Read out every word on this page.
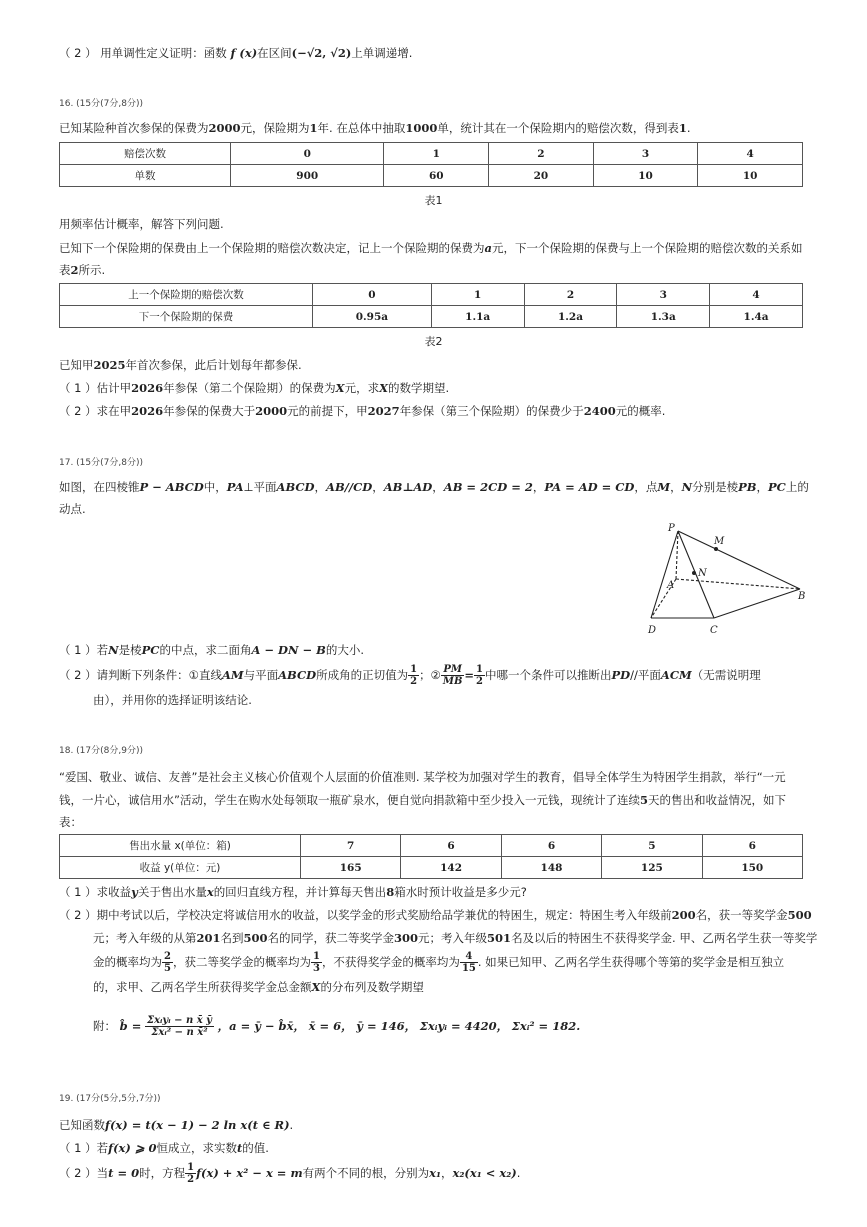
（ 2 ） 用单调性定义证明：函数 f (x)在区间(−√2, √2)上单调递增.
16. (15分(7分,8分))
已知某险种首次参保的保费为2000元，保险期为1年. 在总体中抽取1000单，统计其在一个保险期内的赔偿次数，得到表1.
赔偿次数	0	1	2	3	4
单数	900	60	20	10	10
表1
用频率估计概率，解答下列问题.
已知下一个保险期的保费由上一个保险期的赔偿次数决定，记上一个保险期的保费为a元，下一个保险期的保费与上一个保险期的赔偿次数的关系如
表2所示.
上一个保险期的赔偿次数	0	1	2	3	4
下一个保险期的保费	0.95a	1.1a	1.2a	1.3a	1.4a
表2
已知甲2025年首次参保，此后计划每年都参保.
（ 1 ）估计甲2026年参保（第二个保险期）的保费为X元，求X的数学期望.
（ 2 ）求在甲2026年参保的保费大于2000元的前提下，甲2027年参保（第三个保险期）的保费少于2400元的概率.
17. (15分(7分,8分))
如图，在四棱锥P − ABCD中，PA⊥平面ABCD，AB//CD，AB⊥AD，AB = 2CD = 2，PA = AD = CD，点M，N分别是棱PB，PC上的
动点.
P
M
A
N
B
D	C
（ 1 ）若N是棱PC的中点，求二面角A − DN − B的大小.
（ 2 ）请判断下列条件：①直线AM与平面ABCD所成角的正切值为 $\frac{1}{2}$ ；② $\frac{PM}{MB} = \frac{1}{2}$ 中哪一个条件可以推断出PD//平面ACM（无需说明理
由），并用你的选择证明该结论.
18. (17分(8分,9分))
“爱国、敬业、诚信、友善”是社会主义核心价值观个人层面的价值准则. 某学校为加强对学生的教育，倡导全体学生为特困学生捐款，举行“一元
钱，一片心，诚信用水”活动，学生在购水处每领取一瓶矿泉水，便自觉向捐款箱中至少投入一元钱，现统计了连续5天的售出和收益情况，如下
表：
售出水量 x(单位：箱)	7	6	6	5	6
收益 y(单位：元)	165	142	148	125	150
（ 1 ）求收益y关于售出水量x的回归直线方程，并计算每天售出8箱水时预计收益是多少元?
（ 2 ）期中考试以后，学校决定将诚信用水的收益，以奖学金的形式奖励给品学兼优的特困生，规定：特困生考入年级前200名，获一等奖学金500
元；考入年级的从第201名到500名的同学，获二等奖学金300元；考入年级501名及以后的特困生不获得奖学金. 甲、乙两名学生获一等奖学
金的概率均为 $\frac{2}{5}$ ，获二等奖学金的概率均为 $\frac{1}{3}$ ，不获得奖学金的概率均为 $\frac{4}{15}$ . 如果已知甲、乙两名学生获得哪个等第的奖学金是相互独立
的，求甲、乙两名学生所获得奖学金总金额X的分布列及数学期望
附： b̂ = $\frac{\text{Σxᵢyᵢ − n x̄ ȳ}}{\text{Σxᵢ² − n x̄²}}$ ，a = ȳ − b̂x̄， x̄ = 6， ȳ = 146， Σxᵢyᵢ = 4420， Σxᵢ² = 182.
19. (17分(5分,5分,7分))
已知函数f(x) = t(x − 1) − 2 ln x(t ∈ R).
（ 1 ）若f(x) ⩾ 0恒成立，求实数t的值.
（ 2 ）当t = 0时，方程 $\frac{1}{2} f(x) + x^2 - x = m$有两个不同的根，分别为x₁，x₂(x₁ < x₂).
